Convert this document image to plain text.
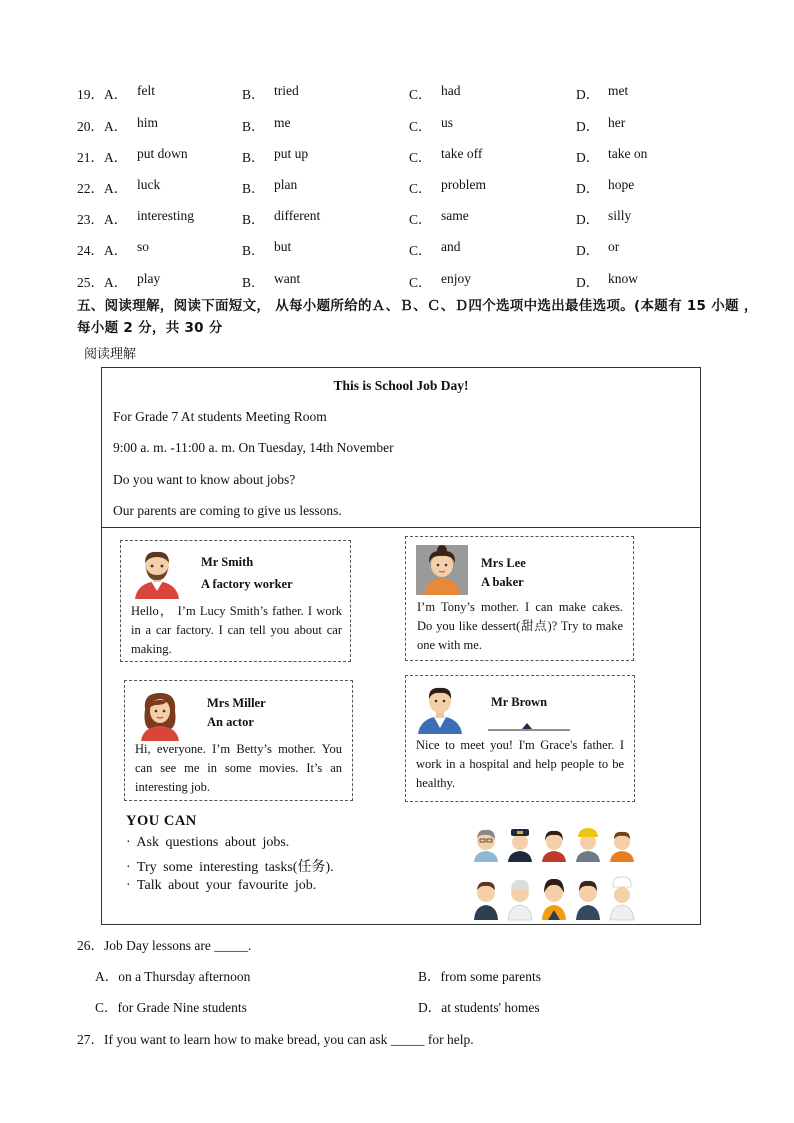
19．A． felt	B． tried	C． had	D． met
20．A． him	B． me	C． us	D． her
21．A． put down	B． put up	C． take off	D． take on
22．A． luck	B． plan	C． problem	D． hope
23．A． interesting	B． different	C． same	D． silly
24．A． so	B． but	C． and	D． or
25．A． play	B． want	C． enjoy	D． know
五、阅读理解，阅读下面短文， 从每小题所给的Ａ、Ｂ、Ｃ、Ｄ四个选项中选出最佳选项。(本题有 15 小题 ，每小题 2 分，共 30 分
阅读理解
This is School Job Day!
For Grade 7 At students Meeting Room
9:00 a. m. -11:00 a. m. On Tuesday, 14th November
Do you want to know about jobs?
Our parents are coming to give us lessons.
Mr Smith
A factory worker
Hello， I’m Lucy Smith’s father. I work in a car factory. I can tell you about car making.
Mrs Lee
A baker
I’m Tony’s mother. I can make cakes. Do you like dessert(甜点)? Try to make one with me.
Mrs Miller
An actor
Hi, everyone. I’m Betty’s mother. You can see me in some movies. It’s an interesting job.
Mr Brown
Nice to meet you! I'm Grace's father. I work in a hospital and help people to be healthy.
YOU CAN
· Ask questions about jobs.
· Try some interesting tasks(任务).
· Talk about your favourite job.
26．Job Day lessons are _____.
A．on a Thursday afternoon	B．from some parents
C．for Grade Nine students	D．at students' homes
27．If you want to learn how to make bread, you can ask _____ for help.
